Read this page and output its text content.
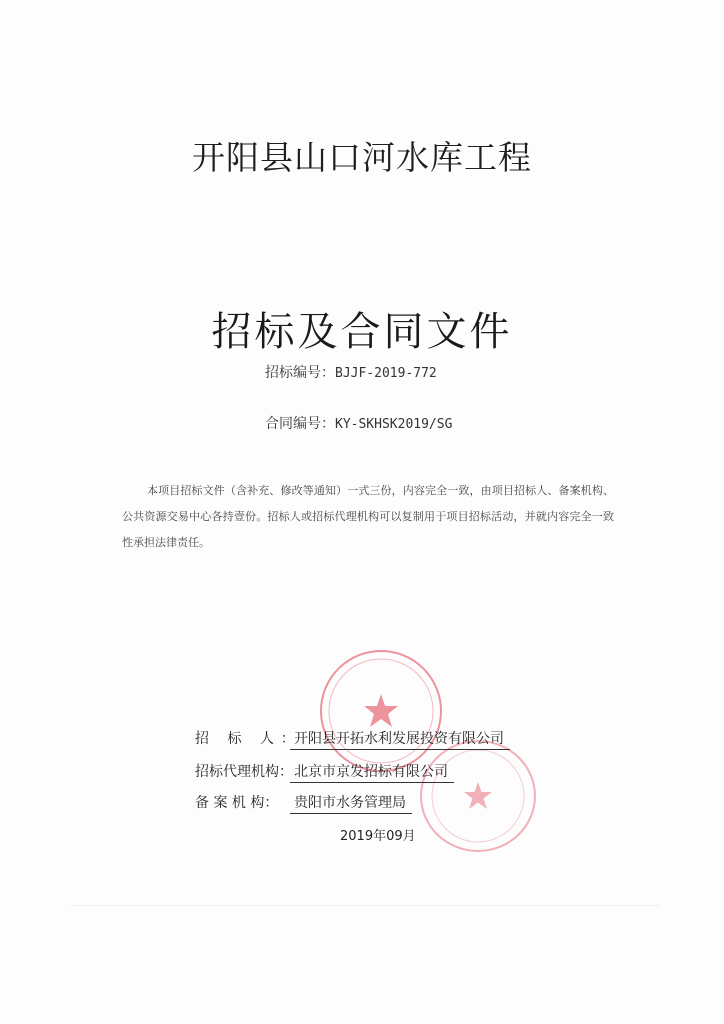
开阳县山口河水库工程
招标及合同文件
招标编号：BJJF-2019-772
合同编号：KY-SKHSK2019/SG
本项目招标文件（含补充、修改等通知）一式三份，内容完全一致，由项目招标人、备案机构、公共资源交易中心各持壹份。招标人或招标代理机构可以复制用于项目招标活动，并就内容完全一致性承担法律责任。
招 标 人：
开阳县开拓水利发展投资有限公司
招标代理机构： 北京市京发招标有限公司
备 案 机 构：	贵阳市水务管理局
2019年09月
